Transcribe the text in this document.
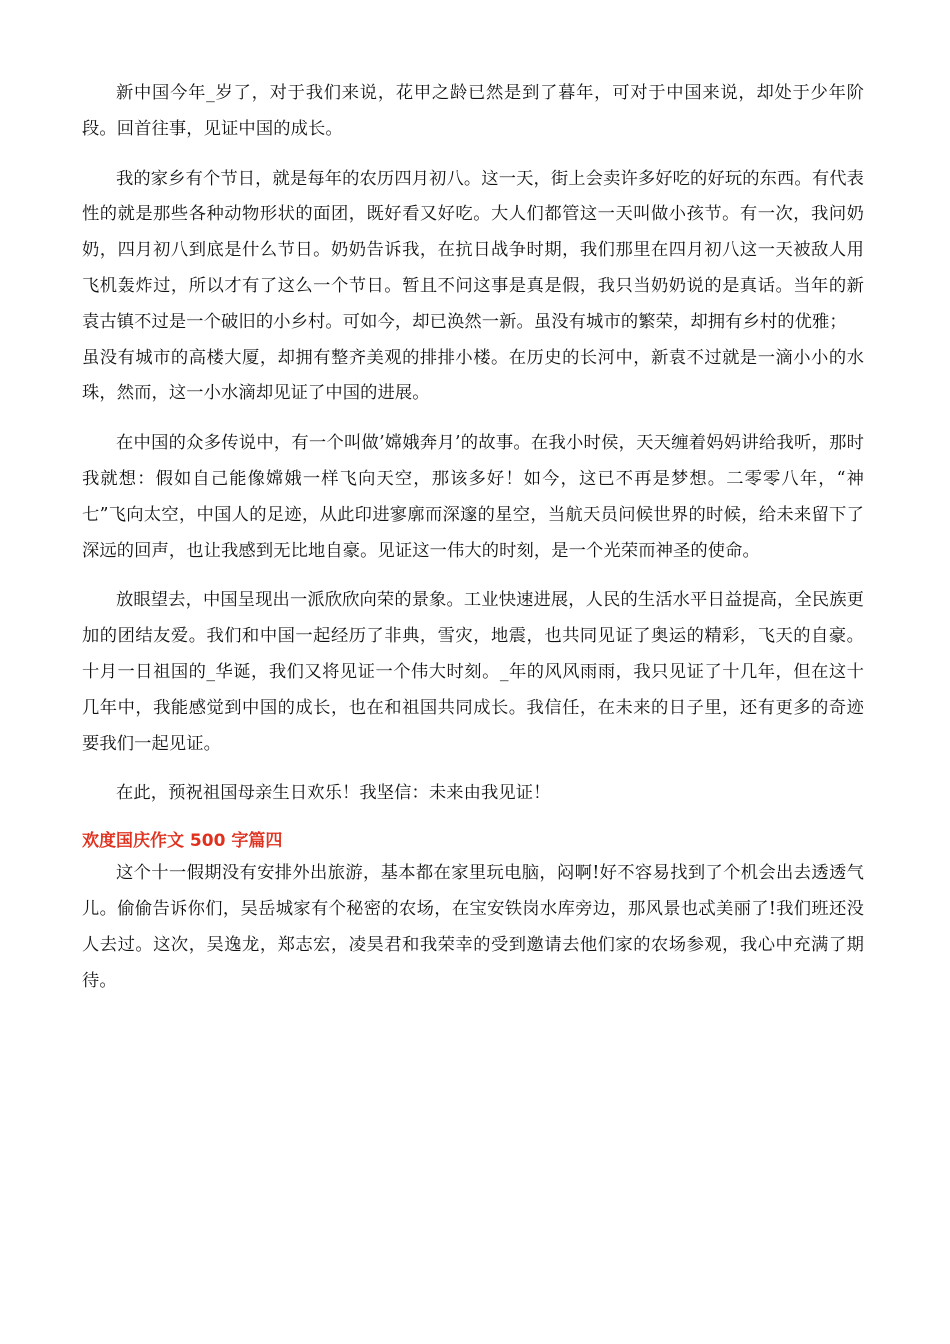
新中国今年_岁了，对于我们来说，花甲之龄已然是到了暮年，可对于中国来说，却处于少年阶段。回首往事，见证中国的成长。

我的家乡有个节日，就是每年的农历四月初八。这一天，街上会卖许多好吃的好玩的东西。有代表性的就是那些各种动物形状的面团，既好看又好吃。大人们都管这一天叫做小孩节。有一次，我问奶奶，四月初八到底是什么节日。奶奶告诉我，在抗日战争时期，我们那里在四月初八这一天被敌人用飞机轰炸过，所以才有了这么一个节日。暂且不问这事是真是假，我只当奶奶说的是真话。当年的新袁古镇不过是一个破旧的小乡村。可如今，却已涣然一新。虽没有城市的繁荣，却拥有乡村的优雅；

虽没有城市的高楼大厦，却拥有整齐美观的排排小楼。在历史的长河中，新袁不过就是一滴小小的水珠，然而，这一小水滴却见证了中国的进展。

在中国的众多传说中，有一个叫做’嫦娥奔月’的故事。在我小时侯，天天缠着妈妈讲给我听，那时我就想：假如自己能像嫦娥一样飞向天空，那该多好！如今，这已不再是梦想。二零零八年，“神七”飞向太空，中国人的足迹，从此印进寥廓而深邃的星空，当航天员问候世界的时候，给未来留下了深远的回声，也让我感到无比地自豪。见证这一伟大的时刻，是一个光荣而神圣的使命。

放眼望去，中国呈现出一派欣欣向荣的景象。工业快速进展，人民的生活水平日益提高，全民族更加的团结友爱。我们和中国一起经历了非典，雪灾，地震，也共同见证了奥运的精彩，飞天的自豪。十月一日祖国的_华诞，我们又将见证一个伟大时刻。_年的风风雨雨，我只见证了十几年，但在这十几年中，我能感觉到中国的成长，也在和祖国共同成长。我信任，在未来的日子里，还有更多的奇迹要我们一起见证。

在此，预祝祖国母亲生日欢乐！我坚信：未来由我见证！

欢度国庆作文 500 字篇四

这个十一假期没有安排外出旅游，基本都在家里玩电脑，闷啊!好不容易找到了个机会出去透透气儿。偷偷告诉你们，吴岳城家有个秘密的农场，在宝安铁岗水库旁边，那风景也忒美丽了!我们班还没人去过。这次，吴逸龙，郑志宏，凌昊君和我荣幸的受到邀请去他们家的农场参观，我心中充满了期待。
